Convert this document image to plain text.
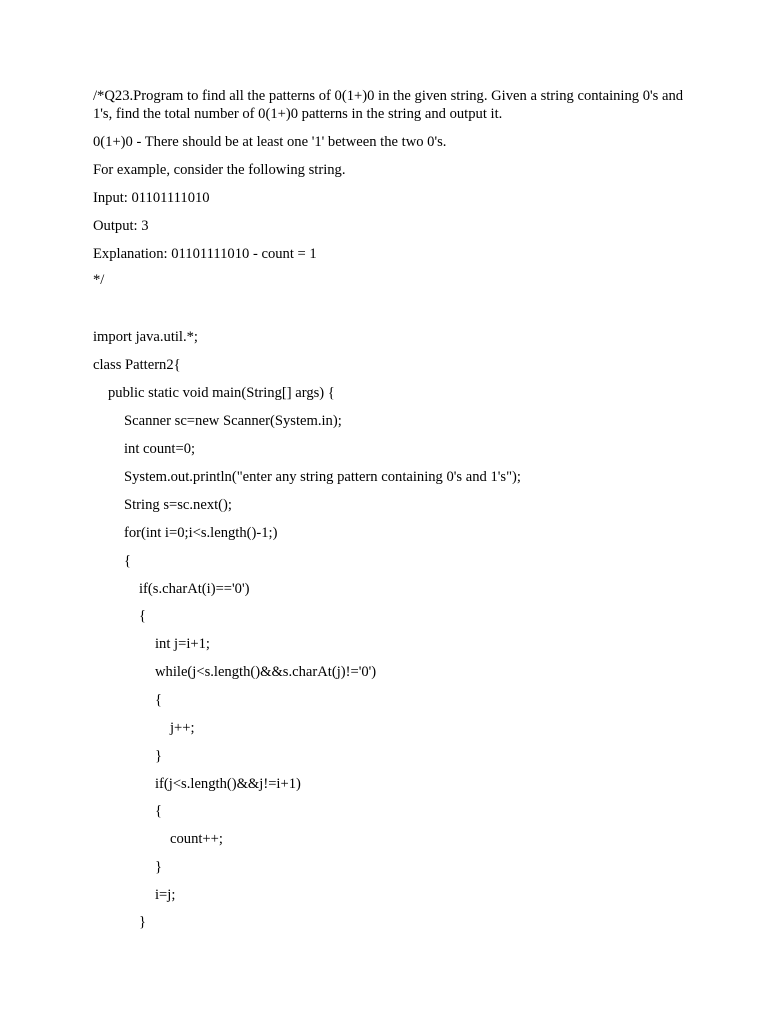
/*Q23.Program to find all the patterns of 0(1+)0 in the given string. Given a string containing 0's and 1's, find the total number of 0(1+)0 patterns in the string and output it.

0(1+)0 - There should be at least one '1' between the two 0's.
For example, consider the following string.
Input: 01101111010
Output: 3
Explanation: 01101111010 - count = 1
*/
import java.util.*;
class Pattern2{
public static void main(String[] args) {
Scanner sc=new Scanner(System.in);
int count=0;
System.out.println("enter any string pattern containing 0's and 1's");
String s=sc.next();
for(int i=0;i<s.length()-1;)
{
if(s.charAt(i)=='0')
{
int j=i+1;
while(j<s.length()&&s.charAt(j)!='0')
{
j++;
}
if(j<s.length()&&j!=i+1)
{
count++;
}
i=j;
}
